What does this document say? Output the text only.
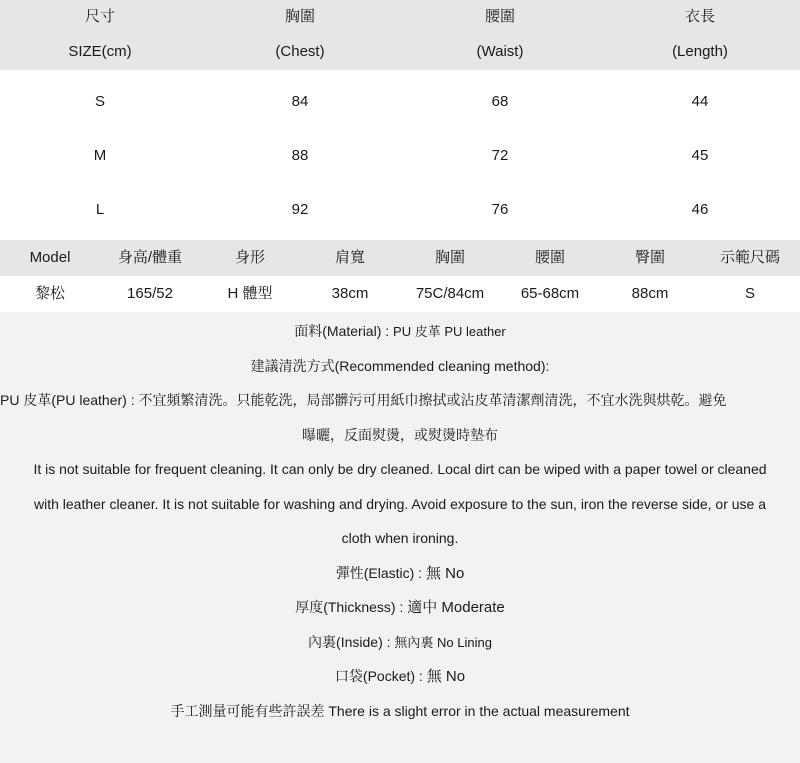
尺寸	胸圍	腰圍	衣長
SIZE(cm)	(Chest)	(Waist)	(Length)
S	84	68	44
M	88	72	45
L	92	76	46
Model	身高/體重	身形	肩寬	胸圍	腰圍	臀圍	示範尺碼
黎松	165/52	H 體型	38cm	75C/84cm	65-68cm	88cm	S
面料(Material) : PU 皮革 PU leather
建議清洗方式(Recommended cleaning method):
PU 皮革(PU leather) : 不宜頻繁清洗。只能乾洗，局部髒污可用紙巾擦拭或沾皮革清潔劑清洗，不宜水洗與烘乾。避免
曝曬，反面熨燙，或熨燙時墊布
It is not suitable for frequent cleaning. It can only be dry cleaned. Local dirt can be wiped with a paper towel or cleaned
with leather cleaner. It is not suitable for washing and drying. Avoid exposure to the sun, iron the reverse side, or use a
cloth when ironing.
彈性(Elastic) : 無 No
厚度(Thickness) : 適中 Moderate
內裏(Inside) : 無內裏 No Lining
口袋(Pocket) : 無 No
手工測量可能有些許誤差 There is a slight error in the actual measurement
